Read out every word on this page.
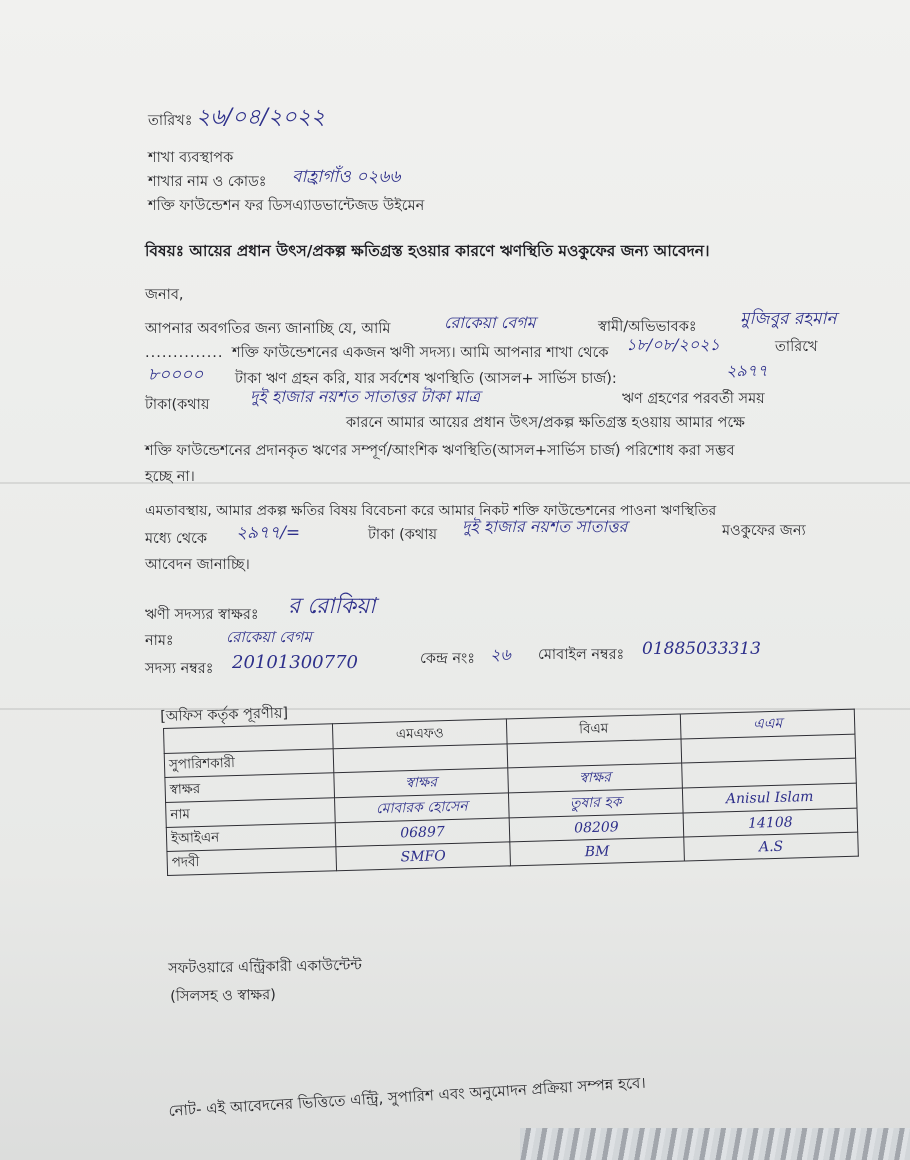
তারিখঃ ২৬/০৪/২০২২
শাখা ব্যবস্থাপক
শাখার নাম ও কোডঃ বাহ্রাগাঁও ০২৬৬
শক্তি ফাউন্ডেশন ফর ডিসএ্যাডভান্টেজড উইমেন
বিষয়ঃ আয়ের প্রধান উৎস/প্রকল্প ক্ষতিগ্রস্ত হওয়ার কারণে ঋণস্থিতি মওকুফের জন্য আবেদন।
জনাব,
আপনার অবগতির জন্য জানাচ্ছি যে, আমি	রোকেয়া বেগম	স্বামী/অভিভাবকঃ	মুজিবুর রহমান
.............. শক্তি ফাউন্ডেশনের একজন ঋণী সদস্য। আমি আপনার শাখা থেকে ১৮/০৮/২০২১	তারিখে
৮০০০০ টাকা ঋণ গ্রহন করি, যার সর্বশেষ ঋণস্থিতি (আসল+ সার্ভিস চার্জ):	২৯৭৭
টাকা(কথায়	দুই হাজার নয়শত সাতাত্তর টাকা মাত্র	ঋণ গ্রহণের পরবর্তী সময়
কারনে আমার আয়ের প্রধান উৎস/প্রকল্প ক্ষতিগ্রস্ত হওয়ায় আমার পক্ষে
শক্তি ফাউন্ডেশনের প্রদানকৃত ঋণের সম্পূর্ণ/আংশিক ঋণস্থিতি(আসল+সার্ভিস চার্জ) পরিশোধ করা সম্ভব
হচ্ছে না।
এমতাবস্থায়, আমার প্রকল্প ক্ষতির বিষয় বিবেচনা করে আমার নিকট শক্তি ফাউন্ডেশনের পাওনা ঋণস্থিতির
মধ্যে থেকে ২৯৭৭/=	টাকা (কথায় দুই হাজার নয়শত সাতাত্তর	মওকুফের জন্য
আবেদন জানাচ্ছি।
ঋণী সদস্যর স্বাক্ষরঃ র রোকিয়া
নামঃ	রোকেয়া বেগম
সদস্য নম্বরঃ 20101300770	কেন্দ্র নংঃ ২৬ মোবাইল নম্বরঃ 01885033313
[অফিস কর্তৃক পূরণীয়]
	এমএফও	বিএম	এএম
সুপারিশকারী			
স্বাক্ষর	স্বাক্ষর	স্বাক্ষর	
নাম	মোবারক হোসেন	তুষার হক	Anisul Islam
ইআইএন	06897	08209	14108
পদবী	SMFO	BM	A.S
সফটওয়ারে এন্ট্রিকারী একাউন্টেন্ট
(সিলসহ ও স্বাক্ষর)
নোট- এই আবেদনের ভিত্তিতে এন্ট্রি, সুপারিশ এবং অনুমোদন প্রক্রিয়া সম্পন্ন হবে।
